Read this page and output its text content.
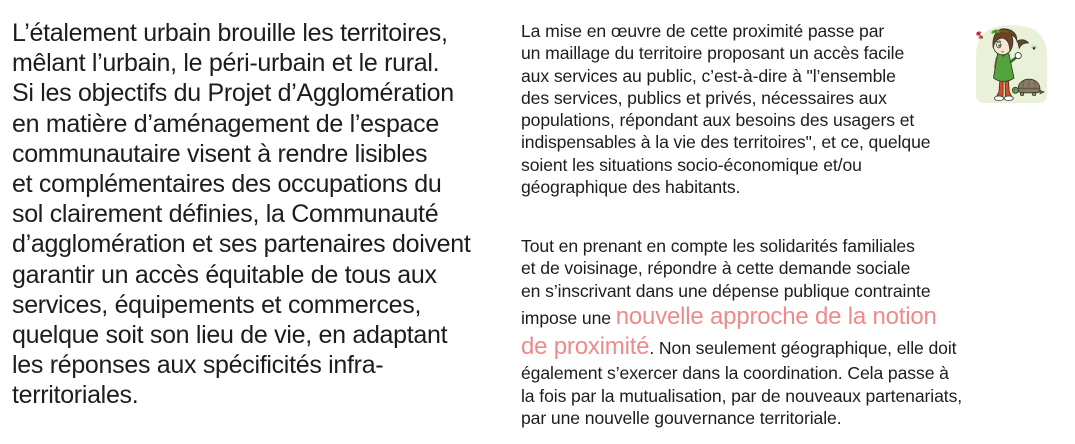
L’étalement urbain brouille les territoires,
mêlant l’urbain, le péri-urbain et le rural.
Si les objectifs du Projet d’Agglomération
en matière d’aménagement de l’espace
communautaire visent à rendre lisibles
et complémentaires des occupations du
sol clairement définies, la Communauté
d’agglomération et ses partenaires doivent
garantir un accès équitable de tous aux
services, équipements et commerces,
quelque soit son lieu de vie, en adaptant
les réponses aux spécificités infra-
territoriales.
La mise en œuvre de cette proximité passe par
un maillage du territoire proposant un accès facile
aux services au public, c’est-à-dire à "l’ensemble
des services, publics et privés, nécessaires aux
populations, répondant aux besoins des usagers et
indispensables à la vie des territoires", et ce, quelque
soient les situations socio-économique et/ou
géographique des habitants.
Tout en prenant en compte les solidarités familiales
et de voisinage, répondre à cette demande sociale
en s’inscrivant dans une dépense publique contrainte
impose une nouvelle approche de la notion
de proximité. Non seulement géographique, elle doit
également s’exercer dans la coordination. Cela passe à
la fois par la mutualisation, par de nouveaux partenariats,
par une nouvelle gouvernance territoriale.
